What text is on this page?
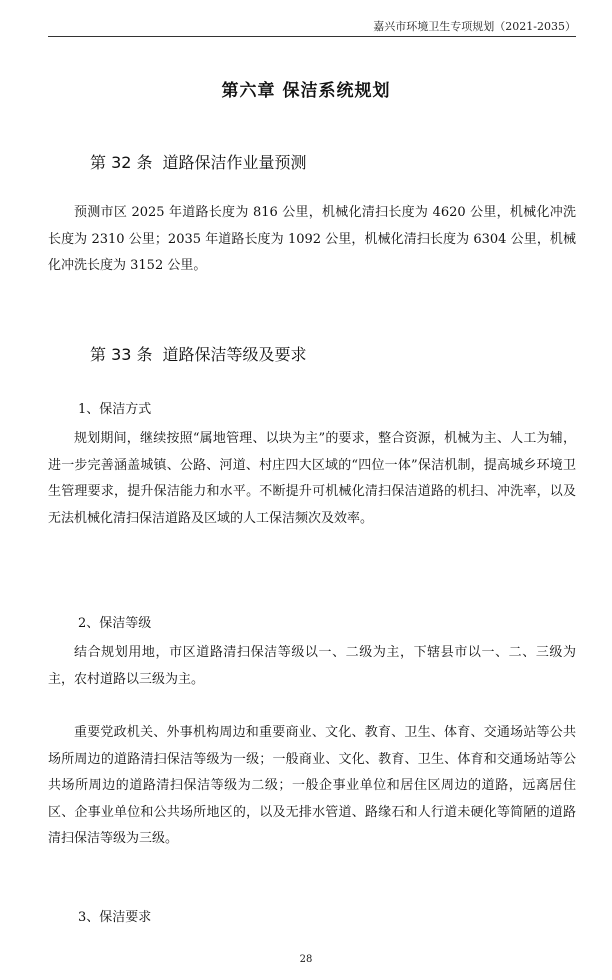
嘉兴市环境卫生专项规划（2021-2035）
第六章 保洁系统规划
第 32 条 道路保洁作业量预测

预测市区 2025 年道路长度为 816 公里，机械化清扫长度为 4620 公里，机械化冲洗长度为 2310 公里；2035 年道路长度为 1092 公里，机械化清扫长度为 6304 公里，机械化冲洗长度为 3152 公里。

第 33 条 道路保洁等级及要求
1、保洁方式

规划期间，继续按照“属地管理、以块为主”的要求，整合资源，机械为主、人工为辅，进一步完善涵盖城镇、公路、河道、村庄四大区域的“四位一体”保洁机制，提高城乡环境卫生管理要求，提升保洁能力和水平。不断提升可机械化清扫保洁道路的机扫、冲洗率，以及无法机械化清扫保洁道路及区域的人工保洁频次及效率。

2、保洁等级

结合规划用地，市区道路清扫保洁等级以一、二级为主，下辖县市以一、二、三级为主，农村道路以三级为主。

重要党政机关、外事机构周边和重要商业、文化、教育、卫生、体育、交通场站等公共场所周边的道路清扫保洁等级为一级；一般商业、文化、教育、卫生、体育和交通场站等公共场所周边的道路清扫保洁等级为二级；一般企事业单位和居住区周边的道路，远离居住区、企事业单位和公共场所地区的，以及无排水管道、路缘石和人行道未硬化等简陋的道路清扫保洁等级为三级。

3、保洁要求
28
